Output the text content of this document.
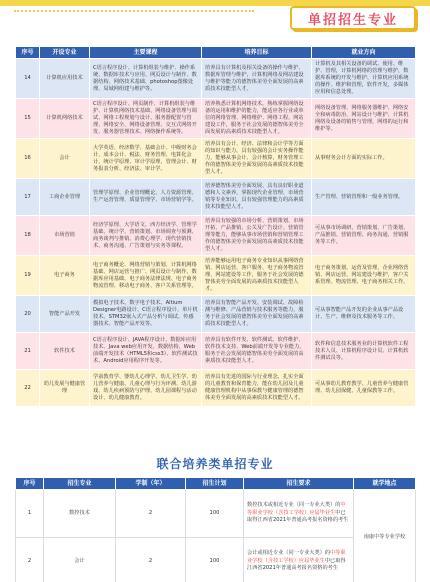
单招招生专业
序号	开设专业	主要课程	培养目标	就业方向
14	计算机应用技术	C语言程序设计、计算机组装与维护、操作系统、数据库技术与应用、网页设计与制作、数据结构、网络技术基础、photoshop图像处理、局域网组建与维护等。	培养具有计算机及相关设备的操作与维护、数据库管理与维护，计算机网络及网站建设与维护等能力的德智体美劳全面发展的高素质技术技能型人才。	计算机及其相关设备的调试、使用、维护、管理，计算机网络的管理与维护，数据库系统的开发与维护、计算机应用系统的操作、维护和管理，软件开发，多媒体应用和信息处理。
15	计算机网络技术	C语言程序设计、网页制作、计算机组装与维护、计算机网络技术基础、网络设备管理与调试、网络工程规划与设计、服务器配置与管理、网络安全、网络设备管理、交互式网络开发、服务器管理技术、网络操作系统等。	培养熟悉计算机网络技术，熟练掌握网络设备的运用和维护的能力，能适应各行业或单位的网络管理、网络维护、网络工程、网站建设工作，服务于社会发展的德智体美劳全面发展的高素质技术技能型人才。	网络设备管理、网络服务器维护、网络安全和病毒防治、网站设计与维护、计算机网络及设备的销售与管理，网络的运行和维护等。
16	会计	大学英语、经济数学、基础会计、中级财务会计、成本会计、税法、财务管理、电算化会计、统计学原理、审计学原理、管理会计、财务报表分析、经济法、审计学。	培养具有会计、经济、法律和会计学等方面的知识与能力，具有较强的会计实务操作能力，能够从事会计、会计核算，财务管理工作的德智体美劳全面发展的高素质技术技能型人才。	从事财务会计方面的实际工作。
17	工商企业管理	管理学原理、企业管理概论、人力资源管理、生产运营管理、质量管理学、市场营销学等。	培养德智体美劳全面发展、具有良好职业道德和人文素养，掌握现代企业管理、市场营销等专业知识，具有较强管理能力的高素质技术技能型人才。	生产管理、营销管理和一般业务管理。
18	市场营销	经济学原理、大学语文、西方经济学、管理学基础、统计学、营销策划、市场调查与预测、商务谈判与推销、消费心理学、现代营销技术、商务沟通、广告策划与实务等课程。	培养具有较强的市场分析、营销策划、市场开拓、产品推销、公关及广告设计、营销管理等能力，能够从事市场营销和营销管理工作的德智体美劳全面发展的高素质技术技能型人才。	可从事市场调研、营销策划、广告策划、产品推销、营销管理、商务沟通、营销服务等工作。
19	电子商务	电子商务概论、网络营销与策划、计算机网络基础、网店运营与推广、网页设计与制作、数据库应用基础、电子商务法律法规、电子商务物流管理、移动电子商务、客户关系管理等。	培养能够运用电子商务专业知识从事网络营销、网店运营、客户服务、电子商务物流管理、网站建设等工作，服务于社会发展的德智体美劳全面发展的高素质技术技能型人才。	电子商务策划、运营及管理，企业网络营销、网店运营、网站建设与维护，客户关系管理、物流管理、电子商务相关工作。
20	智能产品开发	模拟电子技术、数字电子技术、Altium Designer电路设计、C语言程序设计、单片机技术、STM32嵌入式产品分析与调试、传感器技术、智能产品开发等。	培养具有智能产品开发、安装调试、故障检测与维修、产品营销与技术服务等能力，服务于社会发展的德智体美劳全面发展的高素质技术技能型人才。	可从事智能产品开发的企业从事产品设计、生产、维修及技术服务等工作。
21	软件技术	C语言程序设计、JAVA程序设计、数据库应用技术、Java web应用开发、数据结构、Web前端开发技术（HTML5和css3）、软件测试技术、Android应用程序开发等。	培养具有软件开发、软件测试、软件维护、软件技术支持、Web前端开发等专业能力，服务于社会发展的德智体美劳全面发展的高素质技术技能型人才。	软件和信息技术服务业的计算机软件工程技术人员、计算机程序设计员、计算机软件测试员等。
22	幼儿发展与健康管理	学前教育学、婴幼儿心理学、幼儿卫生学、幼儿营养与健康、儿童心理与行为评测、幼儿游戏、幼儿疾病预防与护理、幼儿园课程与活动设计、幼儿健康教育。	培养具有先进的国际与行业理念，扎实全面的儿童教育和保育能力，能在幼儿园及儿童健康管理机构中从事保教与健康管理的德智体美劳全面发展的高素质技术技能型人才。	可从事幼儿教育教学、儿童营养与健康管理、幼儿园保健、儿童保教等工作。
联合培养类单招专业
序号	招生专业	学制（年）	招生计划	招生要求	就学地点
1	数控技术	2	100	数控技术或相近专业（同一专业大类）的中等职业学校（含技工学校）应届毕业生中已取得江西省2021年普通高考报名资格的考生	南康中等专业学校
2	会计	2	100	会计或相近专业（同一专业大类）的中等职业学校（含技工学校）应届毕业生中已取得江西省2021年普通高考报名资格的考生	
